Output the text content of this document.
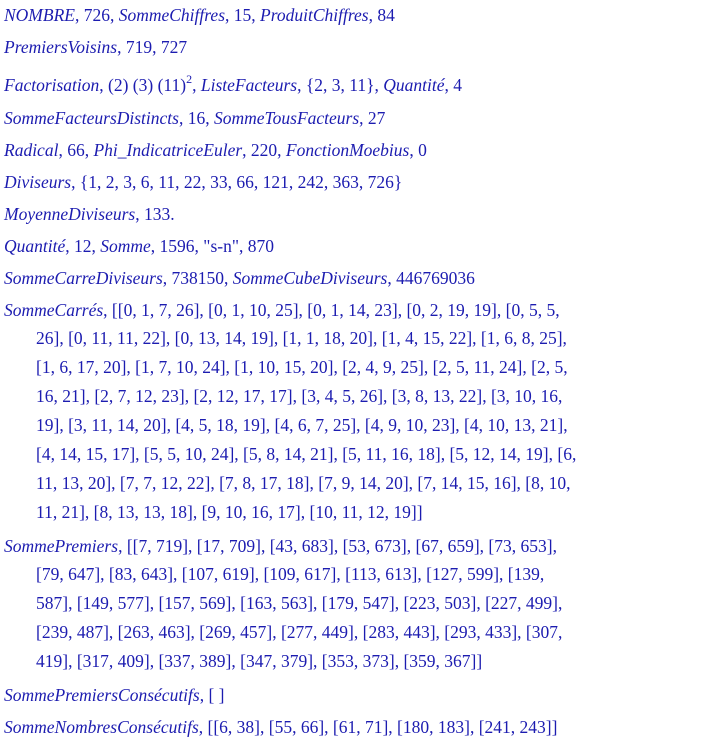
NOMBRE, 726, SommeChiffres, 15, ProduitChiffres, 84
PremiersVoisins, 719, 727
Factorisation, (2) (3) $(11)^2$, ListeFacteurs, {2, 3, 11}, Quantité, 4
SommeFacteursDistincts, 16, SommeTousFacteurs, 27
Radical, 66, Phi_IndicatriceEuler, 220, FonctionMoebius, 0
Diviseurs, {1, 2, 3, 6, 11, 22, 33, 66, 121, 242, 363, 726}
MoyenneDiviseurs, 133.
Quantité, 12, Somme, 1596, "s-n", 870
SommeCarreDiviseurs, 738150, SommeCubeDiviseurs, 446769036
SommeCarrés, [[0, 1, 7, 26], [0, 1, 10, 25], [0, 1, 14, 23], [0, 2, 19, 19], [0, 5, 5,
26], [0, 11, 11, 22], [0, 13, 14, 19], [1, 1, 18, 20], [1, 4, 15, 22], [1, 6, 8, 25],
[1, 6, 17, 20], [1, 7, 10, 24], [1, 10, 15, 20], [2, 4, 9, 25], [2, 5, 11, 24], [2, 5,
16, 21], [2, 7, 12, 23], [2, 12, 17, 17], [3, 4, 5, 26], [3, 8, 13, 22], [3, 10, 16,
19], [3, 11, 14, 20], [4, 5, 18, 19], [4, 6, 7, 25], [4, 9, 10, 23], [4, 10, 13, 21],
[4, 14, 15, 17], [5, 5, 10, 24], [5, 8, 14, 21], [5, 11, 16, 18], [5, 12, 14, 19], [6,
11, 13, 20], [7, 7, 12, 22], [7, 8, 17, 18], [7, 9, 14, 20], [7, 14, 15, 16], [8, 10,
11, 21], [8, 13, 13, 18], [9, 10, 16, 17], [10, 11, 12, 19]]
SommePremiers, [[7, 719], [17, 709], [43, 683], [53, 673], [67, 659], [73, 653],
[79, 647], [83, 643], [107, 619], [109, 617], [113, 613], [127, 599], [139,
587], [149, 577], [157, 569], [163, 563], [179, 547], [223, 503], [227, 499],
[239, 487], [263, 463], [269, 457], [277, 449], [283, 443], [293, 433], [307,
419], [317, 409], [337, 389], [347, 379], [353, 373], [359, 367]]
SommePremiersConsécutifs, [ ]
SommeNombresConsécutifs, [[6, 38], [55, 66], [61, 71], [180, 183], [241, 243]]
